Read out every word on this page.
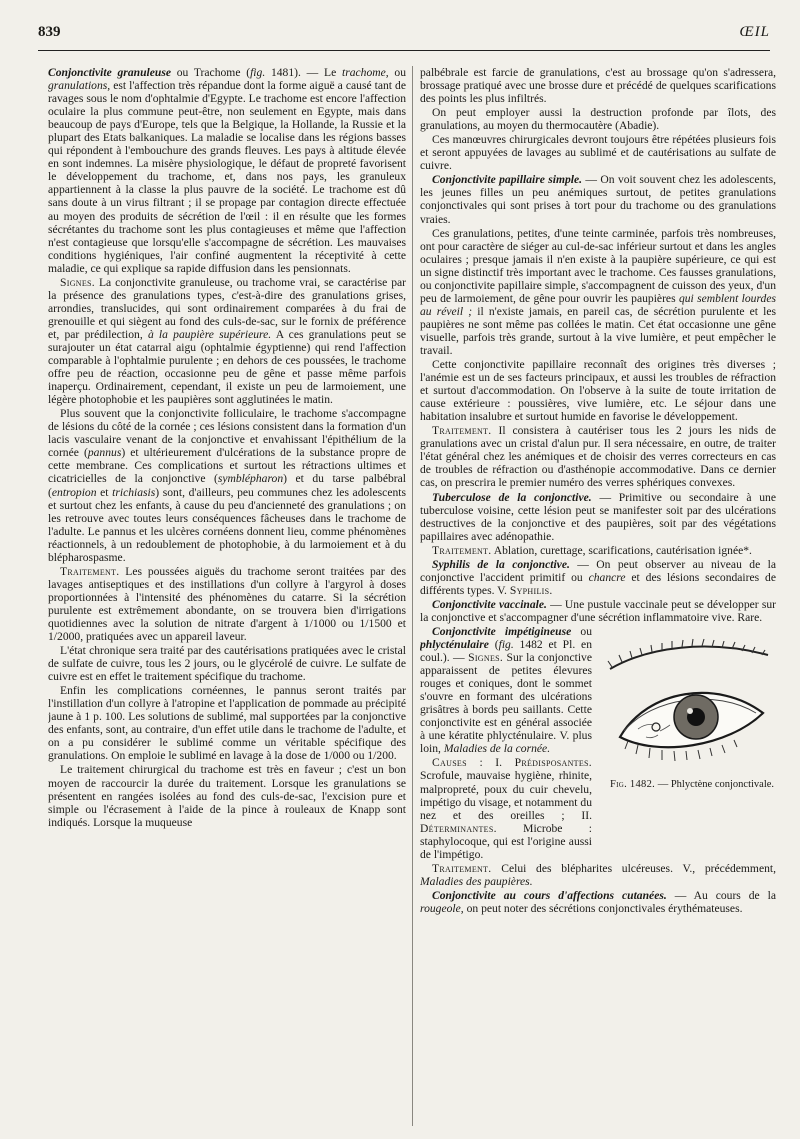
839	ŒIL

Conjonctivite granuleuse ou Trachome (fig. 1481). — Le trachome, ou granulations, est l'affection très répandue dont la forme aiguë a causé tant de ravages sous le nom d'ophtalmie d'Egypte. Le trachome est encore l'affection oculaire la plus commune peut-être, non seulement en Egypte, mais dans beaucoup de pays d'Europe, tels que la Belgique, la Hollande, la Russie et la plupart des Etats balkaniques. La maladie se localise dans les régions basses qui répondent à l'embouchure des grands fleuves. Les pays à altitude élevée en sont indemnes. La misère physiologique, le défaut de propreté favorisent le développement du trachome, et, dans nos pays, les granuleux appartiennent à la classe la plus pauvre de la société. Le trachome est dû sans doute à un virus filtrant ; il se propage par contagion directe effectuée au moyen des produits de sécrétion de l'œil : il en résulte que les formes sécrétantes du trachome sont les plus contagieuses et même que l'affection n'est contagieuse que lorsqu'elle s'accompagne de sécrétion. Les mauvaises conditions hygiéniques, l'air confiné augmentent la réceptivité à cette maladie, ce qui explique sa rapide diffusion dans les pensionnats.

Signes. La conjonctivite granuleuse, ou trachome vrai, se caractérise par la présence des granulations types, c'est-à-dire des granulations grises, arrondies, translucides, qui sont ordinairement comparées à du frai de grenouille et qui siègent au fond des culs-de-sac, sur le fornix de préférence et, par prédilection, à la paupière supérieure. A ces granulations peut se surajouter un état catarral aigu (ophtalmie égyptienne) qui rend l'affection comparable à l'ophtalmie purulente ; en dehors de ces poussées, le trachome offre peu de réaction, occasionne peu de gêne et passe même parfois inaperçu. Ordinairement, cependant, il existe un peu de larmoiement, une légère photophobie et les paupières sont agglutinées le matin.

Plus souvent que la conjonctivite folliculaire, le trachome s'accompagne de lésions du côté de la cornée ; ces lésions consistent dans la formation d'un lacis vasculaire venant de la conjonctive et envahissant l'épithélium de la cornée (pannus) et ultérieurement d'ulcérations de la substance propre de cette membrane. Ces complications et surtout les rétractions ultimes et cicatricielles de la conjonctive (symblépharon) et du tarse palbébral (entropion et trichiasis) sont, d'ailleurs, peu communes chez les adolescents et surtout chez les enfants, à cause du peu d'ancienneté des granulations ; on les retrouve avec toutes leurs conséquences fâcheuses dans le trachome de l'adulte. Le pannus et les ulcères cornéens donnent lieu, comme phénomènes réactionnels, à un redoublement de photophobie, à du larmoiement et à du blépharospasme.

Traitement. Les poussées aiguës du trachome seront traitées par des lavages antiseptiques et des instillations d'un collyre à l'argyrol à doses proportionnées à l'intensité des phénomènes du catarre. Si la sécrétion purulente est extrêmement abondante, on se trouvera bien d'irrigations quotidiennes avec la solution de nitrate d'argent à 1/1000 ou 1/1500 et 1/2000, pratiquées avec un appareil laveur.

L'état chronique sera traité par des cautérisations pratiquées avec le cristal de sulfate de cuivre, tous les 2 jours, ou le glycérolé de cuivre. Le sulfate de cuivre est en effet le traitement spécifique du trachome.

Enfin les complications cornéennes, le pannus seront traités par l'instillation d'un collyre à l'atropine et l'application de pommade au précipité jaune à 1 p. 100. Les solutions de sublimé, mal supportées par la conjonctive des enfants, sont, au contraire, d'un effet utile dans le trachome de l'adulte, et on a pu considérer le sublimé comme un véritable spécifique des granulations. On emploie le sublimé en lavage à la dose de 1/000 ou 1/200.

Le traitement chirurgical du trachome est très en faveur ; c'est un bon moyen de raccourcir la durée du traitement. Lorsque les granulations se présentent en rangées isolées au fond des culs-de-sac, l'excision pure et simple ou l'écrasement à l'aide de la pince à rouleaux de Knapp sont indiqués. Lorsque la muqueuse

palbébrale est farcie de granulations, c'est au brossage qu'on s'adressera, brossage pratiqué avec une brosse dure et précédé de quelques scarifications des points les plus infiltrés.

On peut employer aussi la destruction profonde par îlots, des granulations, au moyen du thermocautère (Abadie).

Ces manœuvres chirurgicales devront toujours être répétées plusieurs fois et seront appuyées de lavages au sublimé et de cautérisations au sulfate de cuivre.

Conjonctivite papillaire simple. — On voit souvent chez les adolescents, les jeunes filles un peu anémiques surtout, de petites granulations conjonctivales qui sont prises à tort pour du trachome ou des granulations vraies.

Ces granulations, petites, d'une teinte carminée, parfois très nombreuses, ont pour caractère de siéger au cul-de-sac inférieur surtout et dans les angles oculaires ; presque jamais il n'en existe à la paupière supérieure, ce qui est un signe distinctif très important avec le trachome. Ces fausses granulations, ou conjonctivite papillaire simple, s'accompagnent de cuisson des yeux, d'un peu de larmoiement, de gêne pour ouvrir les paupières qui semblent lourdes au réveil ; il n'existe jamais, en pareil cas, de sécrétion purulente et les paupières ne sont même pas collées le matin. Cet état occasionne une gêne visuelle, parfois très grande, surtout à la vive lumière, et peut empêcher le travail.

Cette conjonctivite papillaire reconnaît des origines très diverses ; l'anémie est un de ses facteurs principaux, et aussi les troubles de réfraction et surtout d'accommodation. On l'observe à la suite de toute irritation de cause extérieure : poussières, vive lumière, etc. Le séjour dans une habitation insalubre et surtout humide en favorise le développement.

Traitement. Il consistera à cautériser tous les 2 jours les nids de granulations avec un cristal d'alun pur. Il sera nécessaire, en outre, de traiter l'état général chez les anémiques et de choisir des verres correcteurs en cas de troubles de réfraction ou d'asthénopie accommodative. Dans ce dernier cas, on prescrira le premier numéro des verres sphériques convexes.

Tuberculose de la conjonctive. — Primitive ou secondaire à une tuberculose voisine, cette lésion peut se manifester soit par des ulcérations destructives de la conjonctive et des paupières, soit par des végétations papillaires avec adénopathie.

Traitement. Ablation, curettage, scarifications, cautérisation ignée*.

Syphilis de la conjonctive. — On peut observer au niveau de la conjonctive l'accident primitif ou chancre et des lésions secondaires de différents types. V. Syphilis.

Conjonctivite vaccinale. — Une pustule vaccinale peut se développer sur la conjonctive et s'accompagner d'une sécrétion inflammatoire vive. Rare.

Fig. 1482. — Phlyctène conjonctivale.

Conjonctivite impétigineuse ou phlycténulaire (fig. 1482 et Pl. en coul.). — Signes. Sur la conjonctive apparaissent de petites élevures rouges et coniques, dont le sommet s'ouvre en formant des ulcérations grisâtres à bords peu saillants. Cette conjonctivite est en général associée à une kératite phlycténulaire. V. plus loin, Maladies de la cornée.

Causes : I. Prédisposantes. Scrofule, mauvaise hygiène, rhinite, malpropreté, poux du cuir chevelu, impétigo du visage, et notamment du nez et des oreilles ; II. Déterminantes. Microbe : staphylocoque, qui est l'origine aussi de l'impétigo.

Traitement. Celui des blépharites ulcéreuses. V., précédemment, Maladies des paupières.

Conjonctivite au cours d'affections cutanées. — Au cours de la rougeole, on peut noter des sécrétions conjonctivales érythémateuses.
